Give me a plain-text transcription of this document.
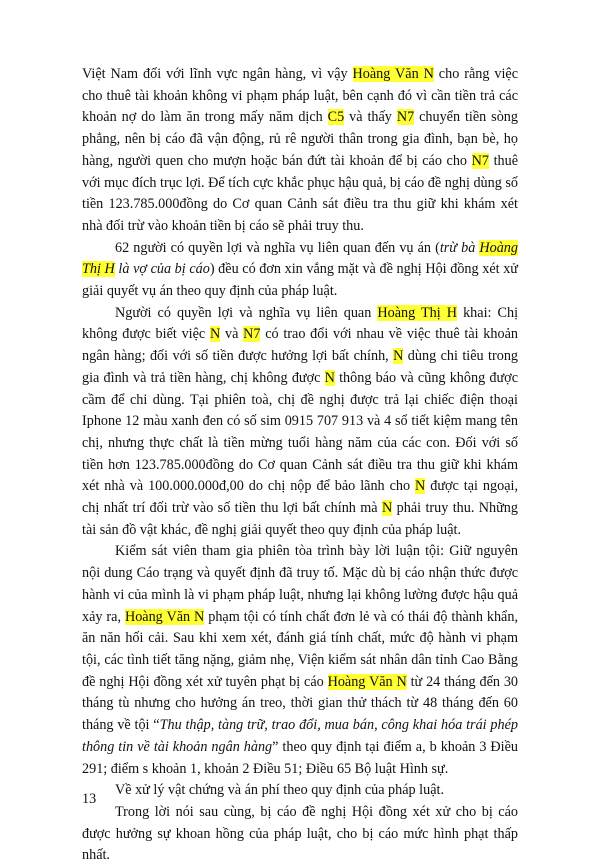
Việt Nam đối với lĩnh vực ngân hàng, vì vậy Hoàng Văn N cho rằng việc cho thuê tài khoản không vi phạm pháp luật, bên cạnh đó vì cần tiền trả các khoản nợ do làm ăn trong mấy năm dịch C5 và thấy N7 chuyển tiền sòng phẳng, nên bị cáo đã vận động, rủ rê người thân trong gia đình, bạn bè, họ hàng, người quen cho mượn hoặc bán đứt tài khoản để bị cáo cho N7 thuê với mục đích trục lợi. Để tích cực khắc phục hậu quả, bị cáo đề nghị dùng số tiền 123.785.000đồng do Cơ quan Cảnh sát điều tra thu giữ khi khám xét nhà đối trừ vào khoản tiền bị cáo sẽ phải truy thu.

62 người có quyền lợi và nghĩa vụ liên quan đến vụ án (trừ bà Hoàng Thị H là vợ của bị cáo) đều có đơn xin vắng mặt và đề nghị Hội đồng xét xử giải quyết vụ án theo quy định của pháp luật.

Người có quyền lợi và nghĩa vụ liên quan Hoàng Thị H khai: Chị không được biết việc N và N7 có trao đổi với nhau về việc thuê tài khoản ngân hàng; đối với số tiền được hưởng lợi bất chính, N dùng chi tiêu trong gia đình và trả tiền hàng, chị không được N thông báo và cũng không được cầm để chi dùng. Tại phiên toà, chị đề nghị được trả lại chiếc điện thoại Iphone 12 màu xanh đen có số sim 0915 707 913 và 4 sổ tiết kiệm mang tên chị, nhưng thực chất là tiền mừng tuổi hàng năm của các con. Đối với số tiền hơn 123.785.000đồng do Cơ quan Cảnh sát điều tra thu giữ khi khám xét nhà và 100.000.000đ,00 do chị nộp để bảo lãnh cho N được tại ngoại, chị nhất trí đối trừ vào số tiền thu lợi bất chính mà N phải truy thu. Những tài sản đồ vật khác, đề nghị giải quyết theo quy định của pháp luật.

Kiểm sát viên tham gia phiên tòa trình bày lời luận tội: Giữ nguyên nội dung Cáo trạng và quyết định đã truy tố. Mặc dù bị cáo nhận thức được hành vi của mình là vi phạm pháp luật, nhưng lại không lường được hậu quả xảy ra, Hoàng Văn N phạm tội có tính chất đơn lẻ và có thái độ thành khẩn, ăn năn hối cải. Sau khi xem xét, đánh giá tính chất, mức độ hành vi phạm tội, các tình tiết tăng nặng, giảm nhẹ, Viện kiểm sát nhân dân tỉnh Cao Bằng đề nghị Hội đồng xét xử tuyên phạt bị cáo Hoàng Văn N từ 24 tháng đến 30 tháng tù nhưng cho hưởng án treo, thời gian thử thách từ 48 tháng đến 60 tháng về tội “Thu thập, tàng trữ, trao đổi, mua bán, công khai hóa trái phép thông tin về tài khoản ngân hàng” theo quy định tại điểm a, b khoản 3 Điều 291; điểm s khoản 1, khoản 2 Điều 51; Điều 65 Bộ luật Hình sự.

Về xử lý vật chứng và án phí theo quy định của pháp luật.

Trong lời nói sau cùng, bị cáo đề nghị Hội đồng xét xử cho bị cáo được hưởng sự khoan hồng của pháp luật, cho bị cáo mức hình phạt thấp nhất.

13
